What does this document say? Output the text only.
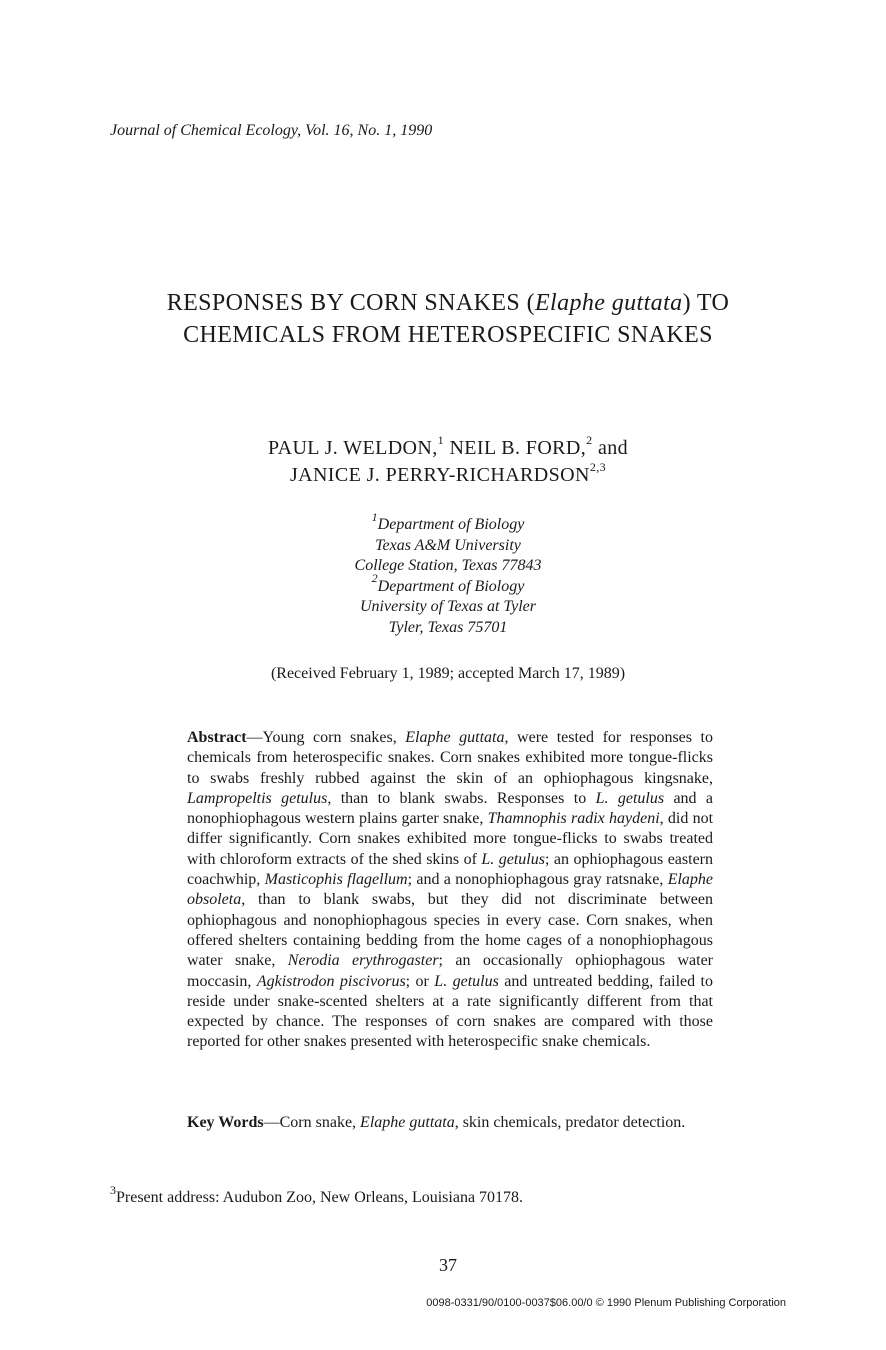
Journal of Chemical Ecology, Vol. 16, No. 1, 1990
RESPONSES BY CORN SNAKES (Elaphe guttata) TO
CHEMICALS FROM HETEROSPECIFIC SNAKES
PAUL J. WELDON,$^1$ NEIL B. FORD,$^2$ and
JANICE J. PERRY-RICHARDSON$^{2,3}$
$^1$Department of Biology
Texas A&M University
College Station, Texas 77843
$^2$Department of Biology
University of Texas at Tyler
Tyler, Texas 75701
(Received February 1, 1989; accepted March 17, 1989)
Abstract—Young corn snakes, Elaphe guttata, were tested for responses to chemicals from heterospecific snakes. Corn snakes exhibited more tongue-flicks to swabs freshly rubbed against the skin of an ophiophagous kingsnake, Lampropeltis getulus, than to blank swabs. Responses to L. getulus and a nonophiophagous western plains garter snake, Thamnophis radix haydeni, did not differ significantly. Corn snakes exhibited more tongue-flicks to swabs treated with chloroform extracts of the shed skins of L. getulus; an ophiophagous eastern coachwhip, Masticophis flagellum; and a nonophiophagous gray ratsnake, Elaphe obsoleta, than to blank swabs, but they did not discriminate between ophiophagous and nonophiophagous species in every case. Corn snakes, when offered shelters containing bedding from the home cages of a nonophiophagous water snake, Nerodia erythrogaster; an occasionally ophiophagous water moccasin, Agkistrodon piscivorus; or L. getulus and untreated bedding, failed to reside under snake-scented shelters at a rate significantly different from that expected by chance. The responses of corn snakes are compared with those reported for other snakes presented with heterospecific snake chemicals.
Key Words—Corn snake, Elaphe guttata, skin chemicals, predator detection.
$^3$Present address: Audubon Zoo, New Orleans, Louisiana 70178.
37
0098-0331/90/0100-0037$06.00/0 © 1990 Plenum Publishing Corporation
